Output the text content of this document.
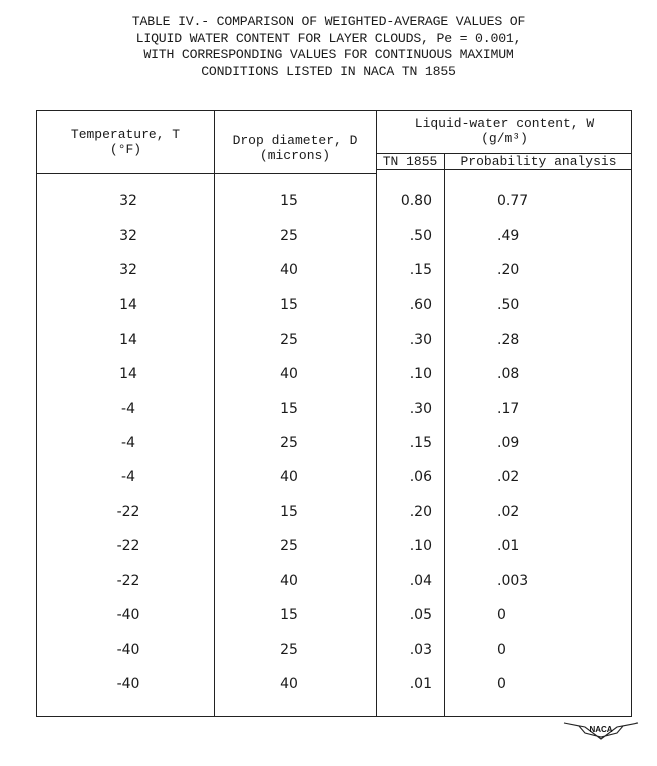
TABLE IV.- COMPARISON OF WEIGHTED-AVERAGE VALUES OF
LIQUID WATER CONTENT FOR LAYER CLOUDS, Pe = 0.001,
WITH CORRESPONDING VALUES FOR CONTINUOUS MAXIMUM
CONDITIONS LISTED IN NACA TN 1855
Temperature, T
(°F)
Drop diameter, D
(microns)
Liquid-water content, W
(g/m³)
TN 1855	Probability analysis
32	15	0.80	0.77
32	25	.50	.49
32	40	.15	.20
14	15	.60	.50
14	25	.30	.28
14	40	.10	.08
-4	15	.30	.17
-4	25	.15	.09
-4	40	.06	.02
-22	15	.20	.02
-22	25	.10	.01
-22	40	.04	.003
-40	15	.05	0
-40	25	.03	0
-40	40	.01	0
NACA
